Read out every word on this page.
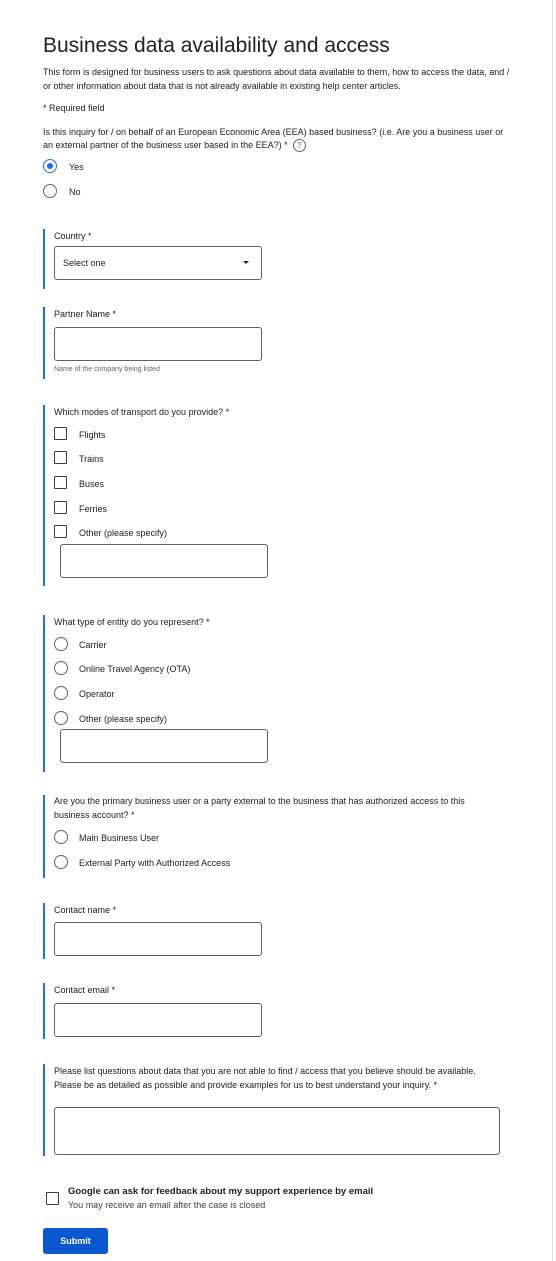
Business data availability and access

This form is designed for business users to ask questions about data available to them, how to access the data, and / or other information about data that is not already available in existing help center articles.

* Required field

Is this inquiry for / on behalf of an European Economic Area (EEA) based business? (i.e. Are you a business user or an external partner of the business user based in the EEA?) * ?
Yes
No
Country *
Select one
Partner Name *
Name of the company being listed
Which modes of transport do you provide? *
Flights
Trains
Buses
Ferries
Other (please specify)
What type of entity do you represent? *
Carrier
Online Travel Agency (OTA)
Operator
Other (please specify)
Are you the primary business user or a party external to the business that has authorized access to this business account? *
Main Business User
External Party with Authorized Access
Contact name *
Contact email *
Please list questions about data that you are not able to find / access that you believe should be available. Please be as detailed as possible and provide examples for us to best understand your inquiry. *
Google can ask for feedback about my support experience by email
You may receive an email after the case is closed
Submit
